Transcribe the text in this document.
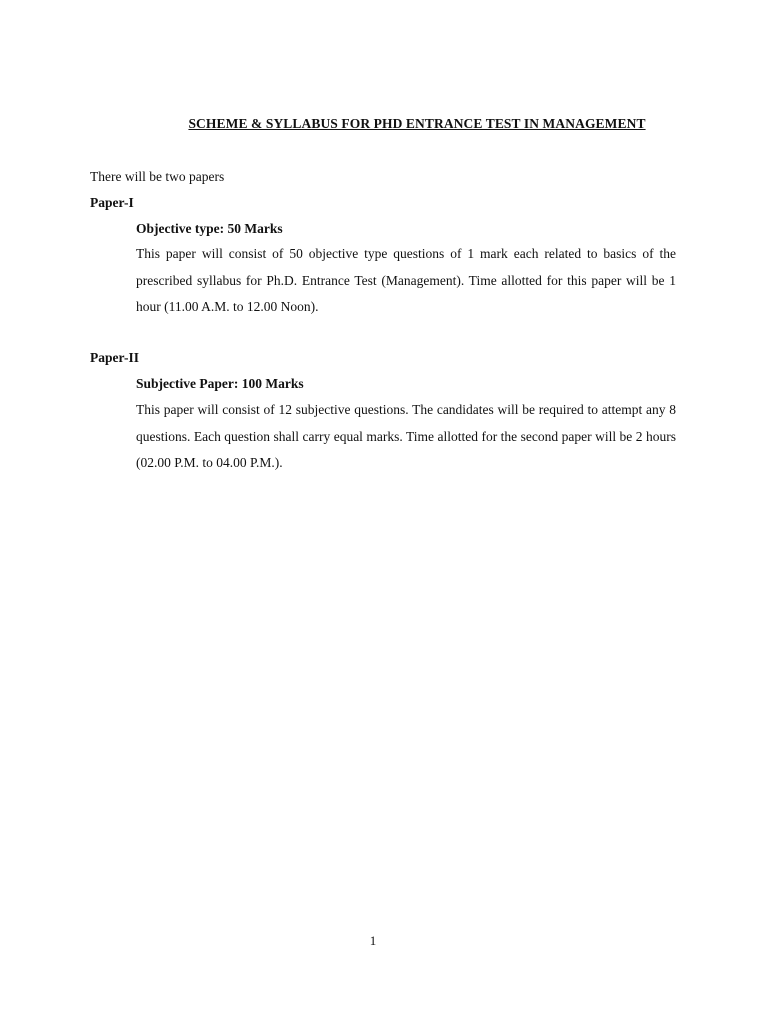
SCHEME & SYLLABUS FOR PHD ENTRANCE TEST IN MANAGEMENT
There will be two papers
Paper-I
Objective type: 50 Marks
This paper will consist of 50 objective type questions of 1 mark each related to basics of the prescribed syllabus for Ph.D. Entrance Test (Management). Time allotted for this paper will be 1 hour (11.00 A.M. to 12.00 Noon).
Paper-II
Subjective Paper: 100 Marks
This paper will consist of 12 subjective questions. The candidates will be required to attempt any 8 questions. Each question shall carry equal marks. Time allotted for the second paper will be 2 hours (02.00 P.M. to 04.00 P.M.).
1
